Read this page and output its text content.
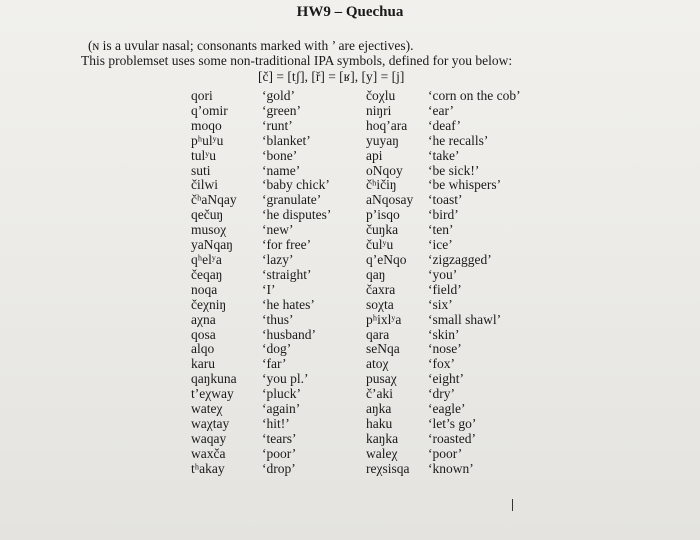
HW9 – Quechua
(ɴ is a uvular nasal; consonants marked with ’ are ejectives).
This problemset uses some non-traditional IPA symbols, defined for you below:
[č] = [tʃ], [ř] = [ʁ], [y] = [j]
qori
q’omir
moqo
pʰulʸu
tulʸu
suti
čilwi
čʰaNqay
qečuŋ
musoχ
yaNqaŋ
qʰelʸa
čeqaŋ
noqa
čeχniŋ
aχna
qosa
alqo
karu
qaŋkuna
t’eχway
wateχ
waχtay
waqay
waxča
tʰakay
‘gold’
‘green’
‘runt’
‘blanket’
‘bone’
‘name’
‘baby chick’
‘granulate’
‘he disputes’
‘new’
‘for free’
‘lazy’
‘straight’
‘I’
‘he hates’
‘thus’
‘husband’
‘dog’
‘far’
‘you pl.’
‘pluck’
‘again’
‘hit!’
‘tears’
‘poor’
‘drop’
čoχlu
niŋri
hoq’ara
yuyaŋ
api
oNqoy
čʰičiŋ
aNqosay
p’isqo
čuŋka
čulʸu
q’eNqo
qaŋ
čaxra
soχta
pʰixlʸa
qara
seNqa
atoχ
pusaχ
č’aki
aŋka
haku
kaŋka
waleχ
reχsisqa
‘corn on the cob’
‘ear’
‘deaf’
‘he recalls’
‘take’
‘be sick!’
‘be whispers’
‘toast’
‘bird’
‘ten’
‘ice’
‘zigzagged’
‘you’
‘field’
‘six’
‘small shawl’
‘skin’
‘nose’
‘fox’
‘eight’
‘dry’
‘eagle’
‘let’s go’
‘roasted’
‘poor’
‘known’
